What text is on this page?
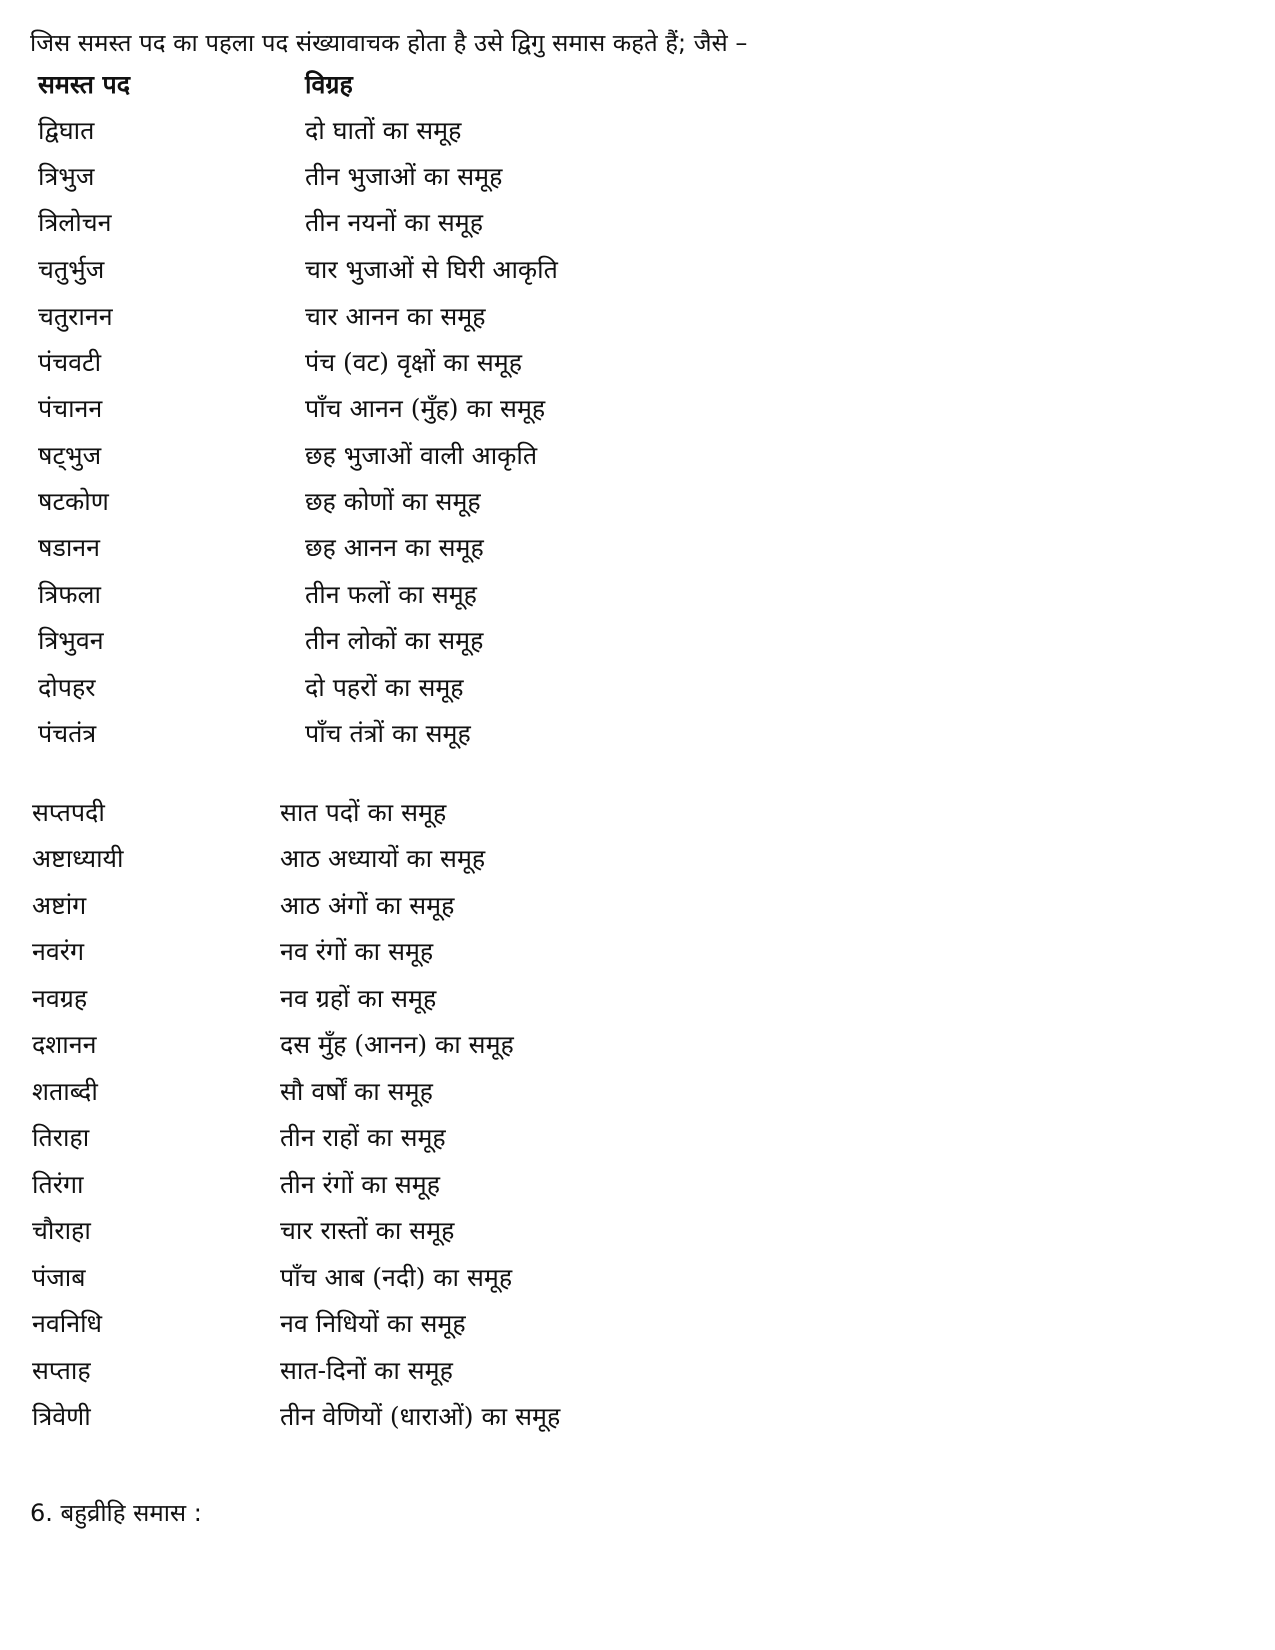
जिस समस्त पद का पहला पद संख्यावाचक होता है उसे द्विगु समास कहते हैं; जैसे –
समस्त पद	विग्रह
द्विघात	दो घातों का समूह
त्रिभुज	तीन भुजाओं का समूह
त्रिलोचन	तीन नयनों का समूह
चतुर्भुज	चार भुजाओं से घिरी आकृति
चतुरानन	चार आनन का समूह
पंचवटी	पंच (वट) वृक्षों का समूह
पंचानन	पाँच आनन (मुँह) का समूह
षट्भुज	छह भुजाओं वाली आकृति
षटकोण	छह कोणों का समूह
षडानन	छह आनन का समूह
त्रिफला	तीन फलों का समूह
त्रिभुवन	तीन लोकों का समूह
दोपहर	दो पहरों का समूह
पंचतंत्र	पाँच तंत्रों का समूह
सप्तपदी	सात पदों का समूह
अष्टाध्यायी	आठ अध्यायों का समूह
अष्टांग	आठ अंगों का समूह
नवरंग	नव रंगों का समूह
नवग्रह	नव ग्रहों का समूह
दशानन	दस मुँह (आनन) का समूह
शताब्दी	सौ वर्षों का समूह
तिराहा	तीन राहों का समूह
तिरंगा	तीन रंगों का समूह
चौराहा	चार रास्तों का समूह
पंजाब	पाँच आब (नदी) का समूह
नवनिधि	नव निधियों का समूह
सप्ताह	सात-दिनों का समूह
त्रिवेणी	तीन वेणियों (धाराओं) का समूह
6. बहुव्रीहि समास :
